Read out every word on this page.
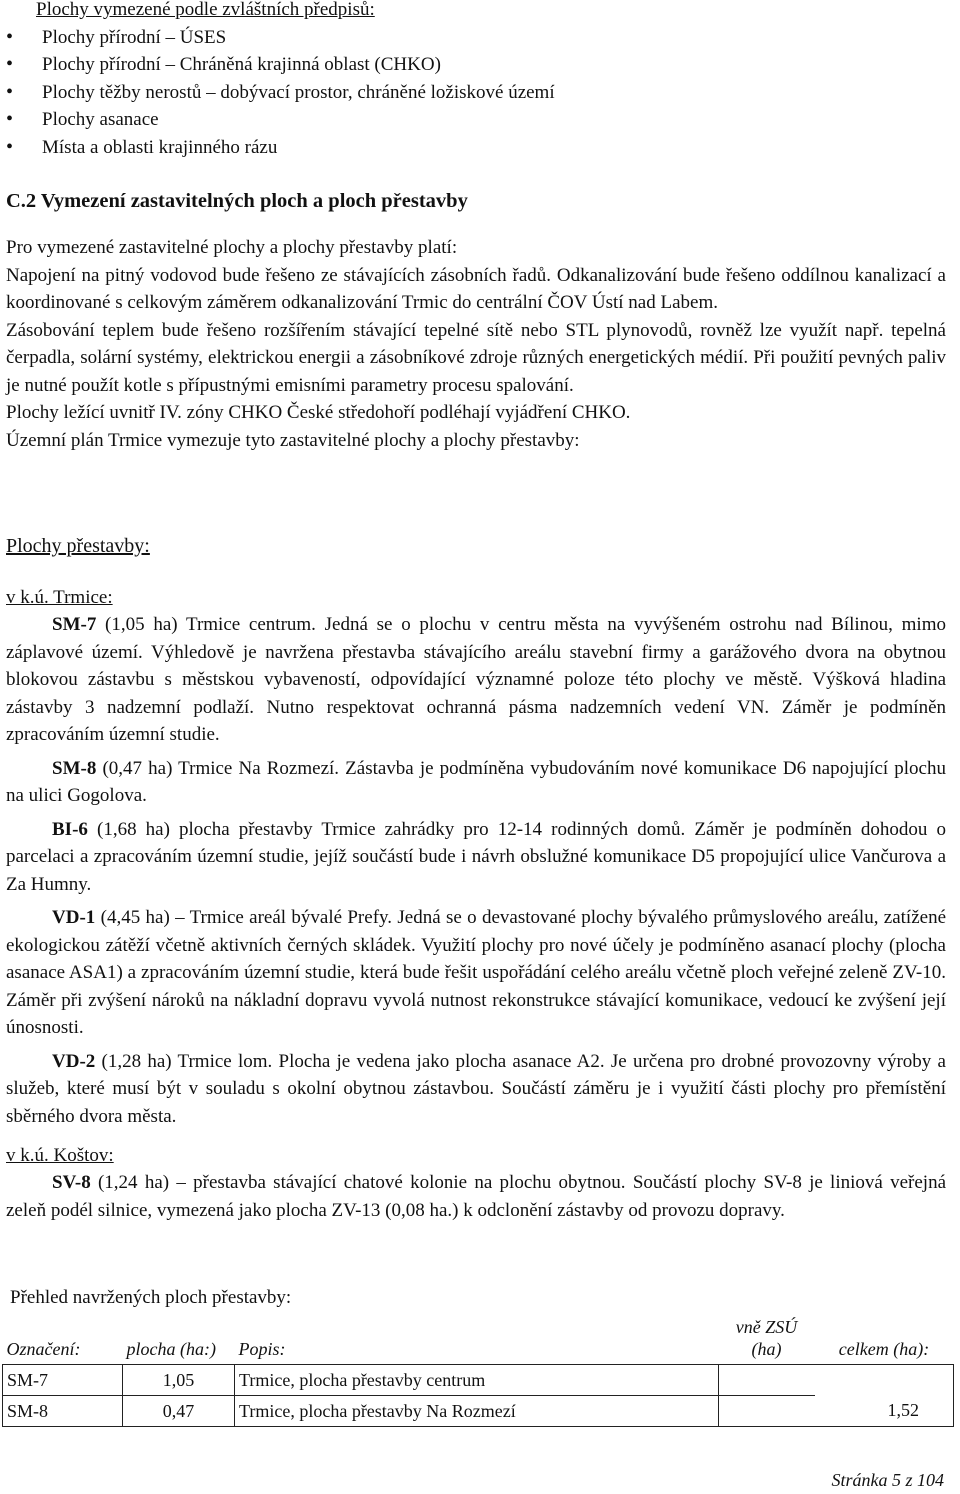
Plochy vymezené podle zvláštních předpisů:
• Plochy přírodní – ÚSES
• Plochy přírodní – Chráněná krajinná oblast (CHKO)
• Plochy těžby nerostů – dobývací prostor, chráněné ložiskové území
• Plochy asanace
• Místa a oblasti krajinného rázu
C.2 Vymezení zastavitelných ploch a ploch přestavby
Pro vymezené zastavitelné plochy a plochy přestavby platí:
Napojení na pitný vodovod bude řešeno ze stávajících zásobních řadů. Odkanalizování bude řešeno oddílnou kanalizací a koordinované s celkovým záměrem odkanalizování Trmic do centrální ČOV Ústí nad Labem.
Zásobování teplem bude řešeno rozšířením stávající tepelné sítě nebo STL plynovodů, rovněž lze využít např. tepelná čerpadla, solární systémy, elektrickou energii a zásobníkové zdroje různých energetických médií. Při použití pevných paliv je nutné použít kotle s přípustnými emisními parametry procesu spalování.
Plochy ležící uvnitř IV. zóny CHKO České středohoří podléhají vyjádření CHKO.
Územní plán Trmice vymezuje tyto zastavitelné plochy a plochy přestavby:
Plochy přestavby:
v k.ú. Trmice:
SM-7 (1,05 ha) Trmice centrum. Jedná se o plochu v centru města na vyvýšeném ostrohu nad Bílinou, mimo záplavové území. Výhledově je navržena přestavba stávajícího areálu stavební firmy a garážového dvora na obytnou blokovou zástavbu s městskou vybaveností, odpovídající významné poloze této plochy ve městě. Výšková hladina zástavby 3 nadzemní podlaží. Nutno respektovat ochranná pásma nadzemních vedení VN. Záměr je podmíněn zpracováním územní studie.
SM-8 (0,47 ha) Trmice Na Rozmezí. Zástavba je podmíněna vybudováním nové komunikace D6 napojující plochu na ulici Gogolova.
BI-6 (1,68 ha) plocha přestavby Trmice zahrádky pro 12-14 rodinných domů. Záměr je podmíněn dohodou o parcelaci a zpracováním územní studie, jejíž součástí bude i návrh obslužné komunikace D5 propojující ulice Vančurova a Za Humny.
VD-1 (4,45 ha) – Trmice areál bývalé Prefy. Jedná se o devastované plochy bývalého průmyslového areálu, zatížené ekologickou zátěží včetně aktivních černých skládek. Využití plochy pro nové účely je podmíněno asanací plochy (plocha asanace ASA1) a zpracováním územní studie, která bude řešit uspořádání celého areálu včetně ploch veřejné zeleně ZV-10. Záměr při zvýšení nároků na nákladní dopravu vyvolá nutnost rekonstrukce stávající komunikace, vedoucí ke zvýšení její únosnosti.
VD-2 (1,28 ha) Trmice lom. Plocha je vedena jako plocha asanace A2. Je určena pro drobné provozovny výroby a služeb, které musí být v souladu s okolní obytnou zástavbou. Součástí záměru je i využití části plochy pro přemístění sběrného dvora města.
v k.ú. Koštov:
SV-8 (1,24 ha) – přestavba stávající chatové kolonie na plochu obytnou. Součástí plochy SV-8 je liniová veřejná zeleň podél silnice, vymezená jako plocha ZV-13 (0,08 ha.) k odclonění zástavby od provozu dopravy.
Přehled navržených ploch přestavby:
Označení:	plocha (ha:)	Popis:	vně ZSÚ (ha)	celkem (ha):
SM-7	1,05	Trmice, plocha přestavby centrum		
SM-8	0,47	Trmice, plocha přestavby Na Rozmezí		1,52
Stránka 5 z 104
